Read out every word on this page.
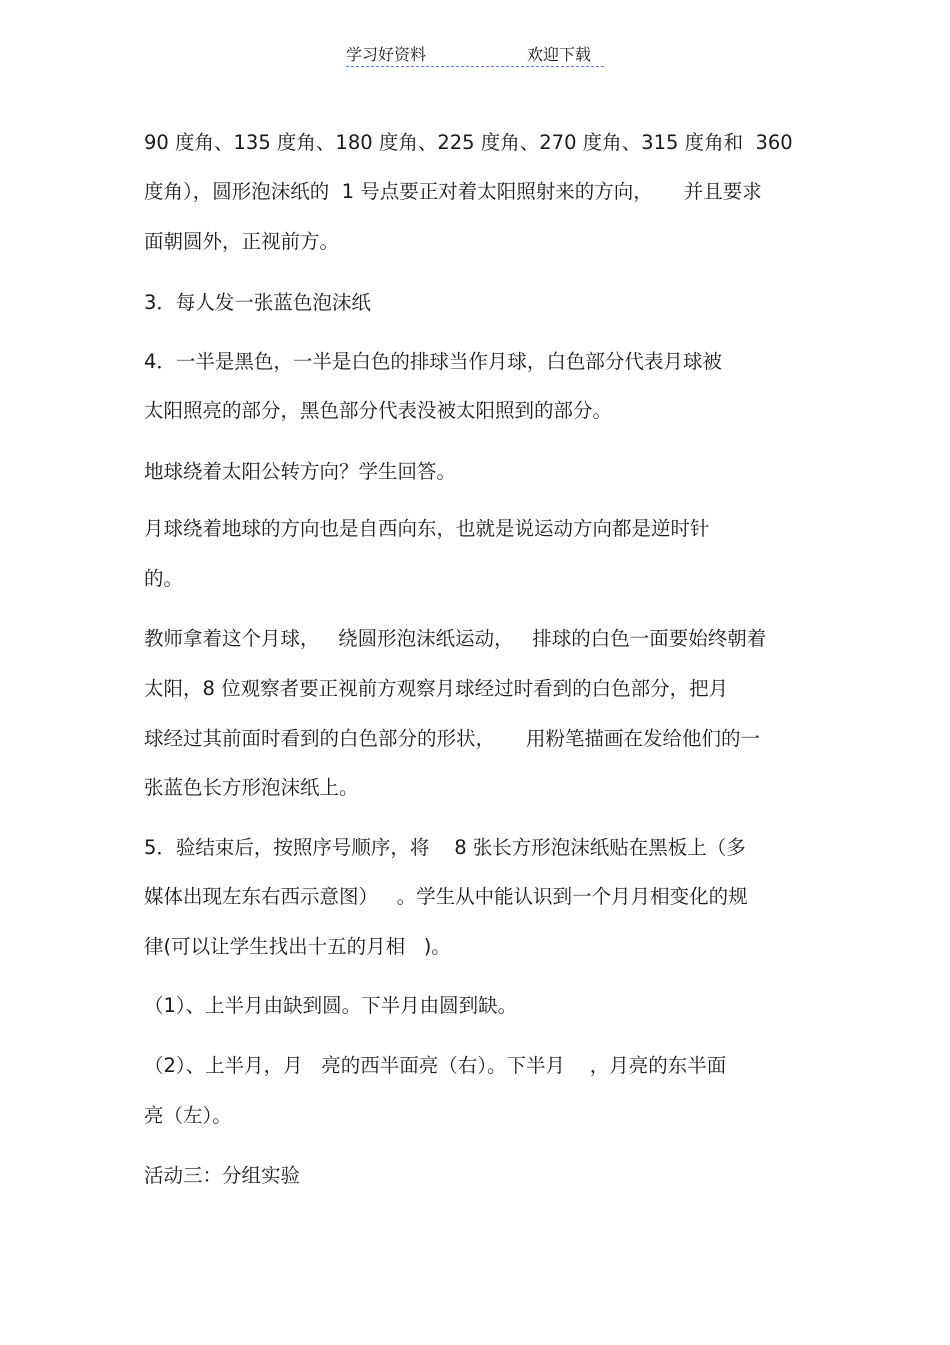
学习好资料	欢迎下载
90 度角、135 度角、180 度角、225 度角、270 度角、315 度角和  360
度角），圆形泡沫纸的  1 号点要正对着太阳照射来的方向，     并且要求
面朝圆外，正视前方。
3．每人发一张蓝色泡沫纸
4．一半是黑色，一半是白色的排球当作月球，白色部分代表月球被
太阳照亮的部分，黑色部分代表没被太阳照到的部分。
地球绕着太阳公转方向？学生回答。
月球绕着地球的方向也是自西向东，也就是说运动方向都是逆时针
的。
教师拿着这个月球，   绕圆形泡沫纸运动，   排球的白色一面要始终朝着
太阳，8 位观察者要正视前方观察月球经过时看到的白色部分，把月
球经过其前面时看到的白色部分的形状，     用粉笔描画在发给他们的一
张蓝色长方形泡沫纸上。
5．验结束后，按照序号顺序，将    8 张长方形泡沫纸贴在黑板上（多
媒体出现左东右西示意图）   。学生从中能认识到一个月月相变化的规
律(可以让学生找出十五的月相   )。
（1）、上半月由缺到圆。下半月由圆到缺。
（2）、上半月，月   亮的西半面亮（右）。下半月    ，月亮的东半面
亮（左）。
活动三：分组实验
